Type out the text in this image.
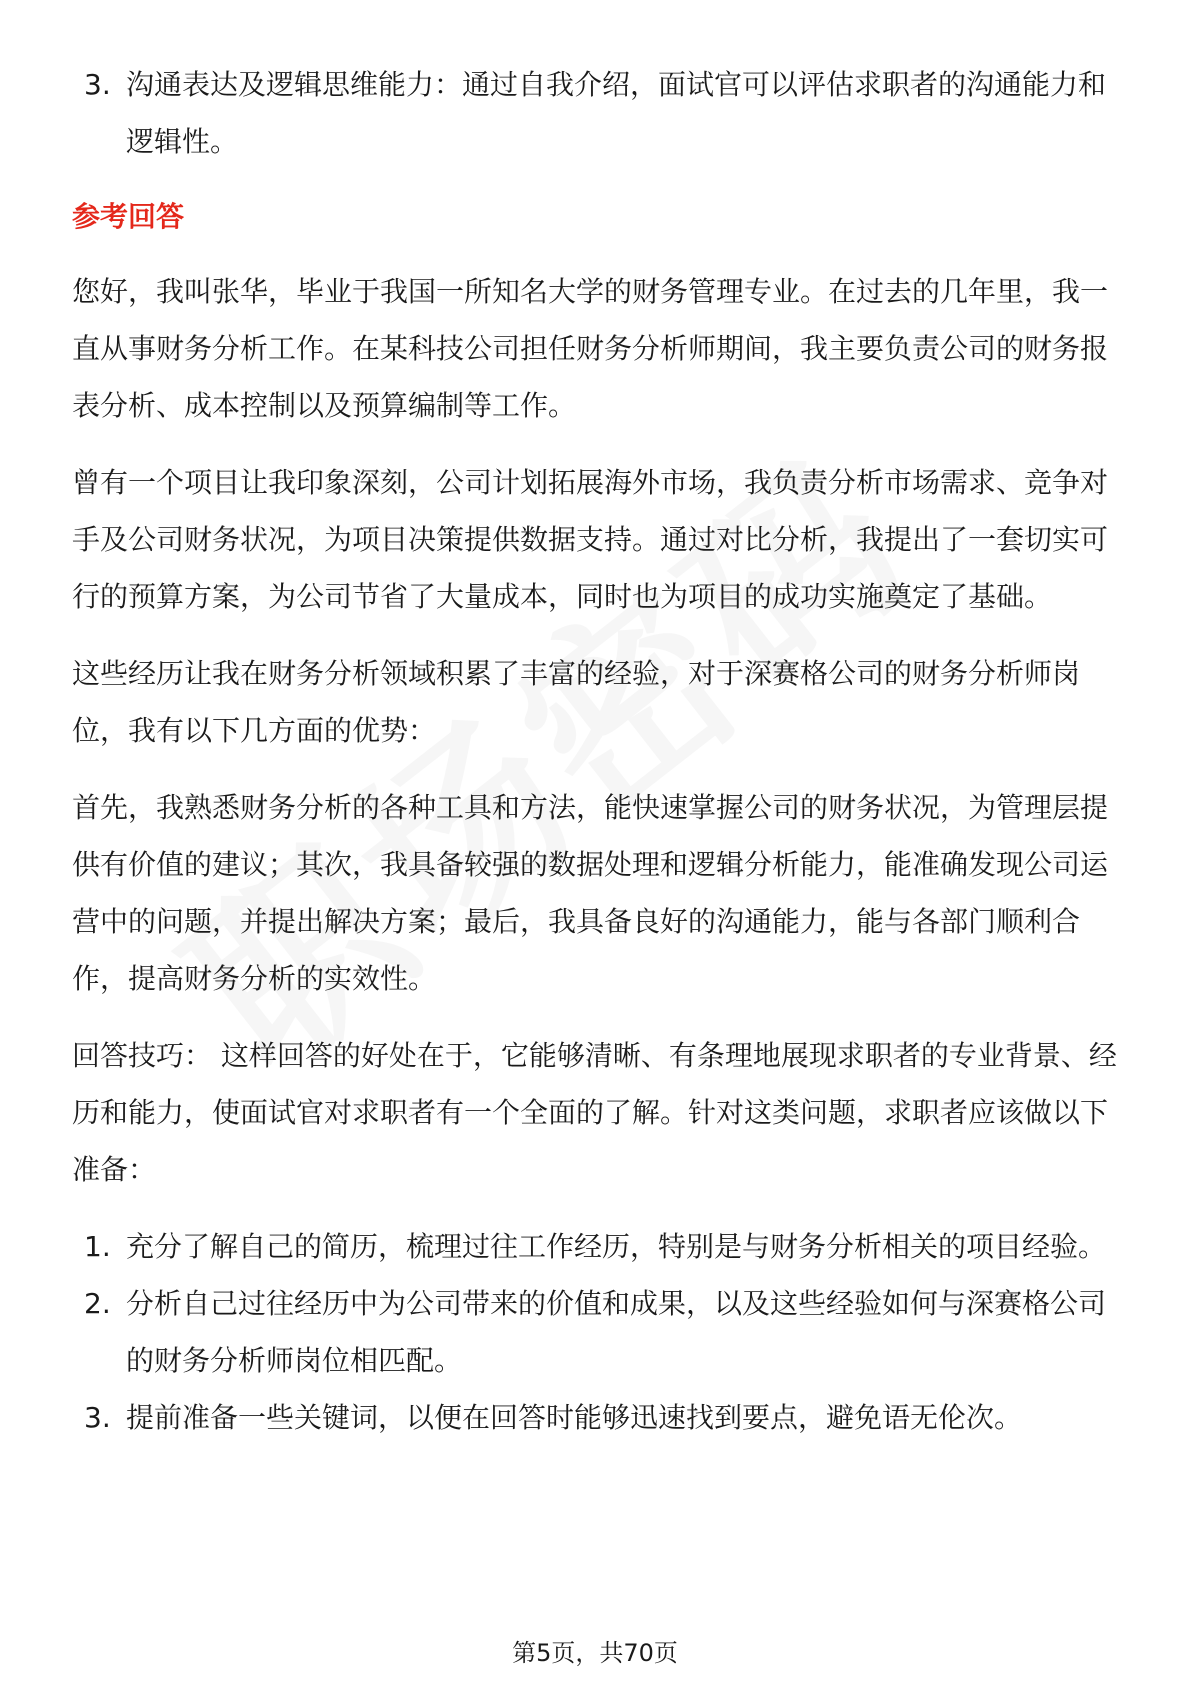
3. 沟通表达及逻辑思维能力：通过自我介绍，面试官可以评估求职者的沟通能力和逻辑性。
参考回答
您好，我叫张华，毕业于我国一所知名大学的财务管理专业。在过去的几年里，我一直从事财务分析工作。在某科技公司担任财务分析师期间，我主要负责公司的财务报表分析、成本控制以及预算编制等工作。
曾有一个项目让我印象深刻，公司计划拓展海外市场，我负责分析市场需求、竞争对手及公司财务状况，为项目决策提供数据支持。通过对比分析，我提出了一套切实可行的预算方案，为公司节省了大量成本，同时也为项目的成功实施奠定了基础。
这些经历让我在财务分析领域积累了丰富的经验，对于深赛格公司的财务分析师岗位，我有以下几方面的优势：
首先，我熟悉财务分析的各种工具和方法，能快速掌握公司的财务状况，为管理层提供有价值的建议；其次，我具备较强的数据处理和逻辑分析能力，能准确发现公司运营中的问题，并提出解决方案；最后，我具备良好的沟通能力，能与各部门顺利合作，提高财务分析的实效性。
回答技巧： 这样回答的好处在于，它能够清晰、有条理地展现求职者的专业背景、经历和能力，使面试官对求职者有一个全面的了解。针对这类问题，求职者应该做以下准备：
1. 充分了解自己的简历，梳理过往工作经历，特别是与财务分析相关的项目经验。
2. 分析自己过往经历中为公司带来的价值和成果，以及这些经验如何与深赛格公司的财务分析师岗位相匹配。
3. 提前准备一些关键词，以便在回答时能够迅速找到要点，避免语无伦次。
第5页，共70页
